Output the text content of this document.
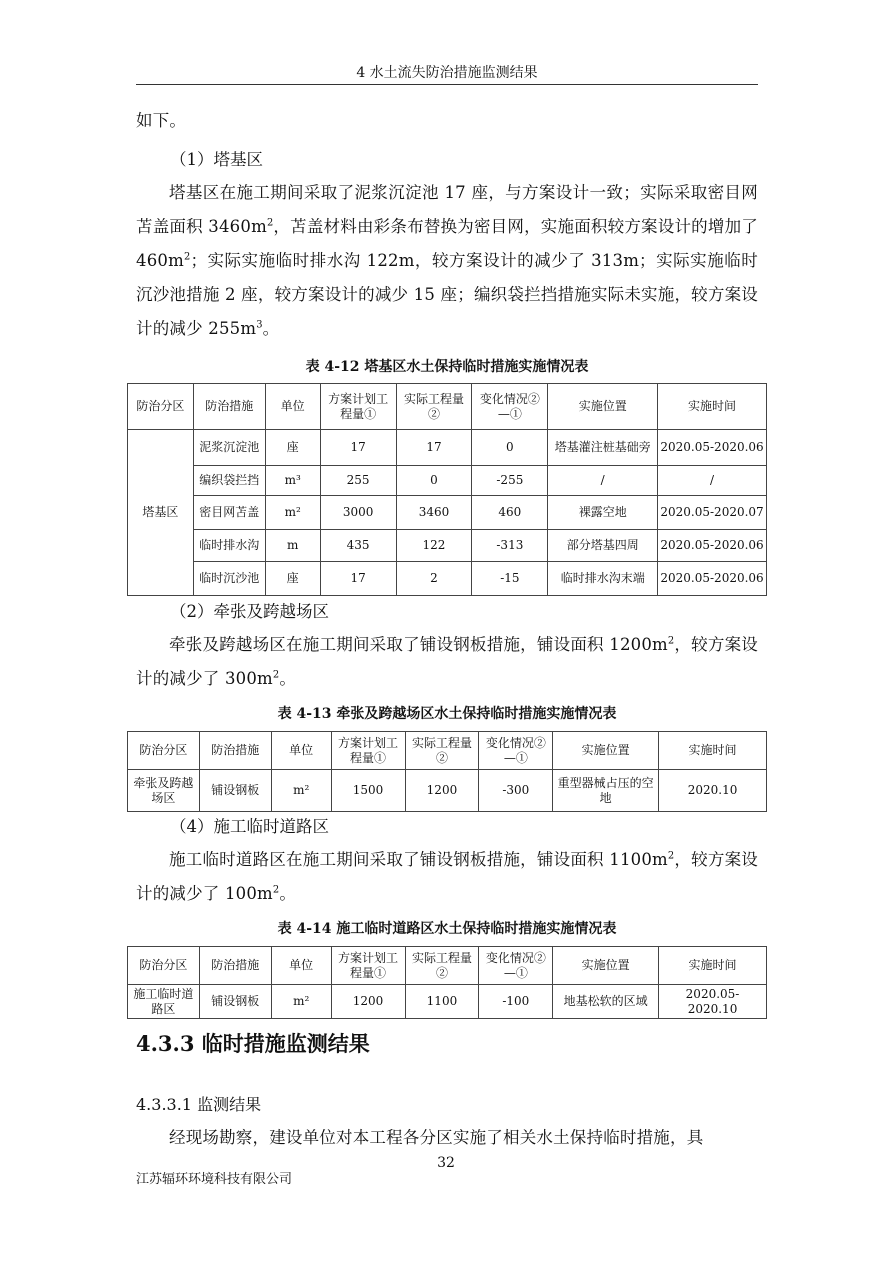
4 水土流失防治措施监测结果
如下。
（1）塔基区
塔基区在施工期间采取了泥浆沉淀池 17 座，与方案设计一致；实际采取密目网苫盖面积 $3460m^2$，苫盖材料由彩条布替换为密目网，实施面积较方案设计的增加了 $460m^2$；实际实施临时排水沟 122m，较方案设计的减少了 313m；实际实施临时沉沙池措施 2 座，较方案设计的减少 15 座；编织袋拦挡措施实际未实施，较方案设计的减少 $255m^3$。
表 4-12 塔基区水土保持临时措施实施情况表
防治分区	防治措施	单位	方案计划工程量①	实际工程量②	变化情况②—①	实施位置	实施时间
塔基区	泥浆沉淀池	座	17	17	0	塔基灌注桩基础旁	2020.05-2020.06
	编织袋拦挡	m³	255	0	-255	/	/
	密目网苫盖	m²	3000	3460	460	裸露空地	2020.05-2020.07
	临时排水沟	m	435	122	-313	部分塔基四周	2020.05-2020.06
	临时沉沙池	座	17	2	-15	临时排水沟末端	2020.05-2020.06
（2）牵张及跨越场区
牵张及跨越场区在施工期间采取了铺设钢板措施，铺设面积 $1200m^2$，较方案设计的减少了 $300m^2$。
表 4-13 牵张及跨越场区水土保持临时措施实施情况表
防治分区	防治措施	单位	方案计划工程量①	实际工程量②	变化情况②—①	实施位置	实施时间
牵张及跨越场区	铺设钢板	m²	1500	1200	-300	重型器械占压的空地	2020.10
（4）施工临时道路区
施工临时道路区在施工期间采取了铺设钢板措施，铺设面积 $1100m^2$，较方案设计的减少了 $100m^2$。
表 4-14 施工临时道路区水土保持临时措施实施情况表
防治分区	防治措施	单位	方案计划工程量①	实际工程量②	变化情况②—①	实施位置	实施时间
施工临时道路区	铺设钢板	m²	1200	1100	-100	地基松软的区域	2020.05-2020.10
4.3.3 临时措施监测结果
4.3.3.1 监测结果
经现场勘察，建设单位对本工程各分区实施了相关水土保持临时措施，具
32
江苏辐环环境科技有限公司
